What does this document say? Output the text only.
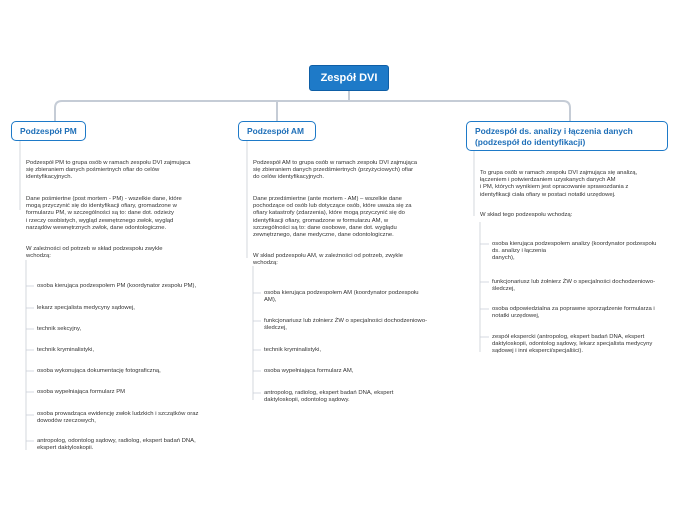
Zespół DVI
Podzespół PM	Podzespół AM	Podzespół ds. analizy i łączenia danych
(podzespół do identyfikacji)
Podzespół PM to grupa osób w ramach zespołu DVI zajmująca
się zbieraniem danych pośmiertnych ofiar do celów
identyfikacyjnych.
Dane pośmiertne (post mortem - PM) - wszelkie dane, które
mogą przyczynić się do identyfikacji ofiary, gromadzone w
formularzu PM, w szczególności są to: dane dot. odzieży
i rzeczy osobistych, wygląd zewnętrznego zwłok, wygląd
narządów wewnętrznych zwłok, dane odontologiczne.
W zależności od potrzeb w skład podzespołu zwykle
wchodzą:
osoba kierująca podzespołem PM (koordynator zespołu PM),
lekarz specjalista medycyny sądowej,
technik sekcyjny,
technik kryminalistyki,
osoba wykonująca dokumentację fotograficzną,
osoba wypełniająca formularz PM
osoba prowadząca ewidencję zwłok ludzkich i szczątków oraz
dowodów rzeczowych,
antropolog, odontolog sądowy, radiolog, ekspert badań DNA,
ekspert daktyloskopii.
Podzespół AM to grupa osób w ramach zespołu DVI zajmująca
się zbieraniem danych przedśmiertnych (przyżyciowych) ofiar
do celów identyfikacyjnych.
Dane przedśmiertne (ante mortem - AM) – wszelkie dane
pochodzące od osób lub dotyczące osób, które uważa się za
ofiary katastrofy (zdarzenia), które mogą przyczynić się do
identyfikacji ofiary, gromadzone w formularzu AM, w
szczególności są to: dane osobowe, dane dot. wyglądu
zewnętrznego, dane medyczne, dane odontologiczne.
W skład podzespołu AM, w zależności od potrzeb, zwykle
wchodzą:
osoba kierująca podzespołem AM (koordynator podzespołu
AM),
funkcjonariusz lub żołnierz ŻW o specjalności dochodzeniowo-
śledczej,
technik kryminalistyki,
osoba wypełniająca formularz AM,
antropolog, radiolog, ekspert badań DNA, ekspert
daktyloskopii, odontolog sądowy.
To grupa osób w ramach zespołu DVI zajmująca się analizą,
łączeniem i potwierdzaniem uzyskanych danych AM
i PM, których wynikiem jest opracowanie sprawozdania z
identyfikacji ciała ofiary w postaci notatki urzędowej.
W skład tego podzespołu wchodzą:
osoba kierująca podzespołem analizy (koordynator podzespołu
ds. analizy i łączenia
danych),
funkcjonariusz lub żołnierz ŻW o specjalności dochodzeniowo-
śledczej,
osoba odpowiedzialna za poprawne sporządzenie formularza i
notatki urzędowej,
zespół ekspercki (antropolog, ekspert badań DNA, ekspert
daktyloskopii, odontolog sądowy, lekarz specjalista medycyny
sądowej i inni eksperci/specjaliści).
